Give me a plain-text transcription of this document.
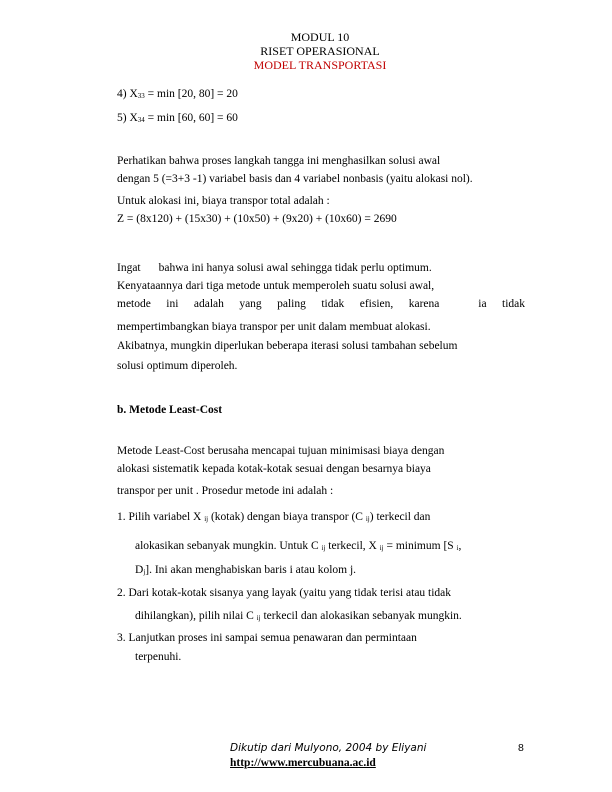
MODUL 10
RISET OPERASIONAL
MODEL TRANSPORTASI
4) X33 = min [20, 80] = 20
5) X34 = min [60, 60] = 60
Perhatikan bahwa proses langkah tangga ini menghasilkan solusi awal
dengan 5 (=3+3 -1) variabel basis dan 4 variabel nonbasis (yaitu alokasi nol).
Untuk alokasi ini, biaya transpor total adalah :
Z = (8x120) + (15x30) + (10x50) + (9x20) + (10x60) = 2690
Ingat bahwa ini hanya solusi awal sehingga tidak perlu optimum.
Kenyataannya dari tiga metode untuk memperoleh suatu solusi awal,
metode ini adalah yang paling tidak efisien, karena	ia tidak
mempertimbangkan biaya transpor per unit dalam membuat alokasi.
Akibatnya, mungkin diperlukan beberapa iterasi solusi tambahan sebelum
solusi optimum diperoleh.
b. Metode Least-Cost
Metode Least-Cost berusaha mencapai tujuan minimisasi biaya dengan
alokasi sistematik kepada kotak-kotak sesuai dengan besarnya biaya
transpor per unit . Prosedur metode ini adalah :
1. Pilih variabel X ij (kotak) dengan biaya transpor (C ij) terkecil dan
alokasikan sebanyak mungkin. Untuk C ij terkecil, X ij = minimum [S i,
Dj]. Ini akan menghabiskan baris i atau kolom j.
2. Dari kotak-kotak sisanya yang layak (yaitu yang tidak terisi atau tidak
dihilangkan), pilih nilai C ij terkecil dan alokasikan sebanyak mungkin.
3. Lanjutkan proses ini sampai semua penawaran dan permintaan
terpenuhi.
Dikutip dari Mulyono, 2004 by Eliyani
http://www.mercubuana.ac.id
8
